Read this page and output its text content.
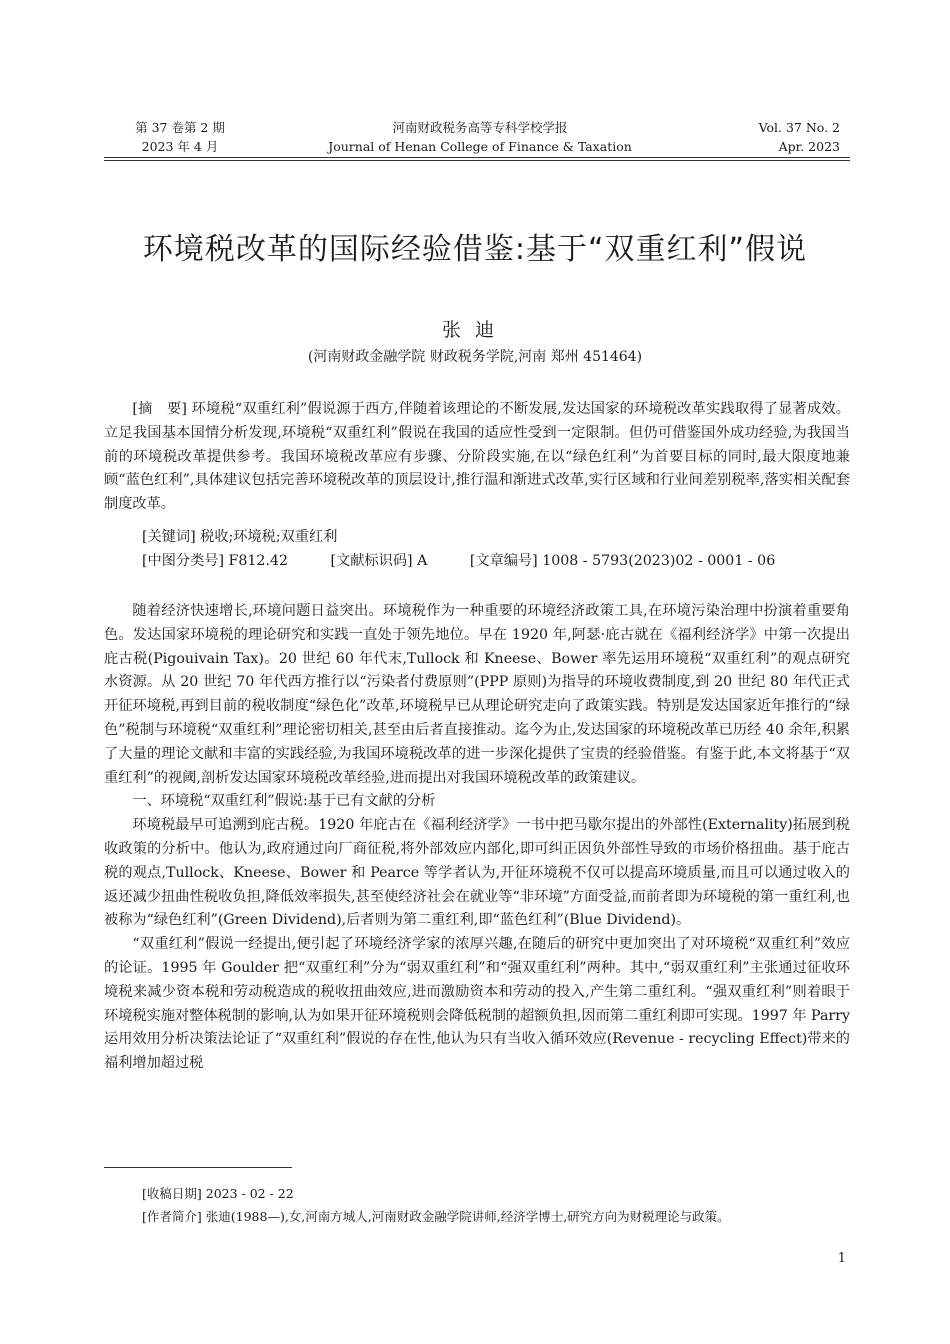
第 37 卷第 2 期
2023 年 4 月
河南财政税务高等专科学校学报
Journal of Henan College of Finance & Taxation
Vol. 37 No. 2
Apr. 2023
环境税改革的国际经验借鉴:基于“双重红利”假说
张迪
(河南财政金融学院 财政税务学院,河南 郑州 451464)

[摘　要] 环境税“双重红利”假说源于西方,伴随着该理论的不断发展,发达国家的环境税改革实践取得了显著成效。立足我国基本国情分析发现,环境税“双重红利”假说在我国的适应性受到一定限制。但仍可借鉴国外成功经验,为我国当前的环境税改革提供参考。我国环境税改革应有步骤、分阶段实施,在以“绿色红利”为首要目标的同时,最大限度地兼顾“蓝色红利”,具体建议包括完善环境税改革的顶层设计,推行温和渐进式改革,实行区域和行业间差别税率,落实相关配套制度改革。

[关键词] 税收;环境税;双重红利
[中图分类号] F812.42	[文献标识码] A	[文章编号] 1008 - 5793(2023)02 - 0001 - 06

随着经济快速增长,环境问题日益突出。环境税作为一种重要的环境经济政策工具,在环境污染治理中扮演着重要角色。发达国家环境税的理论研究和实践一直处于领先地位。早在 1920 年,阿瑟·庇古就在《福利经济学》中第一次提出庇古税(Pigouivain Tax)。20 世纪 60 年代末,Tullock 和 Kneese、Bower 率先运用环境税“双重红利”的观点研究水资源。从 20 世纪 70 年代西方推行以“污染者付费原则”(PPP 原则)为指导的环境收费制度,到 20 世纪 80 年代正式开征环境税,再到目前的税收制度“绿色化”改革,环境税早已从理论研究走向了政策实践。特别是发达国家近年推行的“绿色”税制与环境税“双重红利”理论密切相关,甚至由后者直接推动。迄今为止,发达国家的环境税改革已历经 40 余年,积累了大量的理论文献和丰富的实践经验,为我国环境税改革的进一步深化提供了宝贵的经验借鉴。有鉴于此,本文将基于“双重红利”的视阈,剖析发达国家环境税改革经验,进而提出对我国环境税改革的政策建议。

一、环境税“双重红利”假说:基于已有文献的分析

环境税最早可追溯到庇古税。1920 年庇古在《福利经济学》一书中把马歇尔提出的外部性(Externality)拓展到税收政策的分析中。他认为,政府通过向厂商征税,将外部效应内部化,即可纠正因负外部性导致的市场价格扭曲。基于庇古税的观点,Tullock、Kneese、Bower 和 Pearce 等学者认为,开征环境税不仅可以提高环境质量,而且可以通过收入的返还减少扭曲性税收负担,降低效率损失,甚至使经济社会在就业等“非环境”方面受益,而前者即为环境税的第一重红利,也被称为“绿色红利”(Green Dividend),后者则为第二重红利,即“蓝色红利”(Blue Dividend)。

“双重红利”假说一经提出,便引起了环境经济学家的浓厚兴趣,在随后的研究中更加突出了对环境税“双重红利”效应的论证。1995 年 Goulder 把“双重红利”分为“弱双重红利”和“强双重红利”两种。其中,“弱双重红利”主张通过征收环境税来减少资本税和劳动税造成的税收扭曲效应,进而激励资本和劳动的投入,产生第二重红利。“强双重红利”则着眼于环境税实施对整体税制的影响,认为如果开征环境税则会降低税制的超额负担,因而第二重红利即可实现。1997 年 Parry 运用效用分析决策法论证了“双重红利”假说的存在性,他认为只有当收入循环效应(Revenue - recycling Effect)带来的福利增加超过税

[收稿日期] 2023 - 02 - 22
[作者简介] 张迪(1988—),女,河南方城人,河南财政金融学院讲师,经济学博士,研究方向为财税理论与政策。
1
